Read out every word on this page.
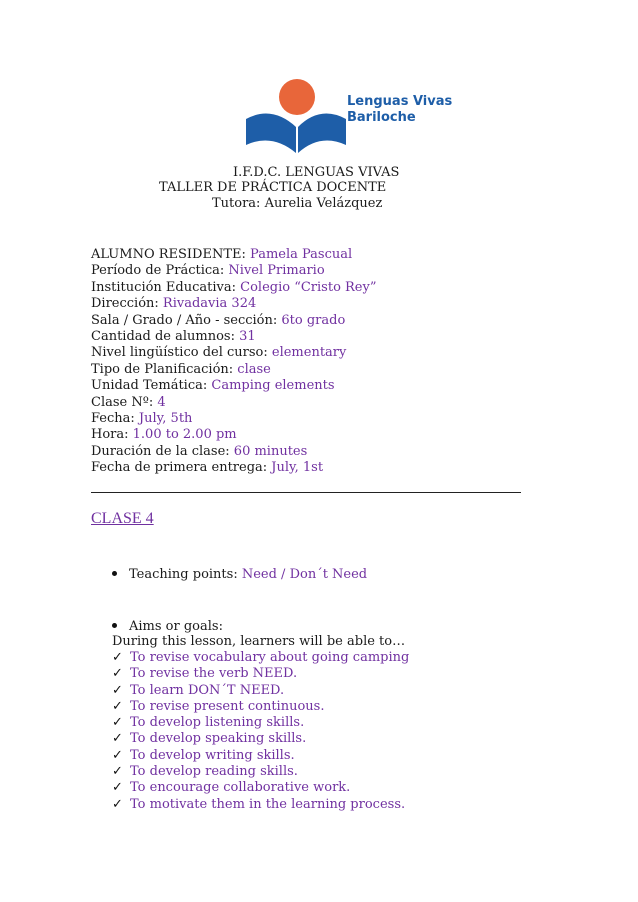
Lenguas Vivas
Bariloche
I.F.D.C. LENGUAS VIVAS
TALLER DE PRÁCTICA DOCENTE
Tutora: Aurelia Velázquez
ALUMNO RESIDENTE: Pamela Pascual
Período de Práctica: Nivel Primario
Institución Educativa: Colegio “Cristo Rey”
Dirección: Rivadavia 324
Sala / Grado / Año - sección: 6to grado
Cantidad de alumnos: 31
Nivel lingüístico del curso: elementary
Tipo de Planificación: clase
Unidad Temática: Camping elements
Clase Nº: 4
Fecha: July, 5th
Hora: 1.00 to 2.00 pm
Duración de la clase: 60 minutes
Fecha de primera entrega: July, 1st
CLASE 4
Teaching points: Need / Don´t Need
Aims or goals:
During this lesson, learners will be able to…
✓ To revise vocabulary about going camping
✓ To revise the verb NEED.
✓ To learn DON´T NEED.
✓ To revise present continuous.
✓ To develop listening skills.
✓ To develop speaking skills.
✓ To develop writing skills.
✓ To develop reading skills.
✓ To encourage collaborative work.
✓ To motivate them in the learning process.
